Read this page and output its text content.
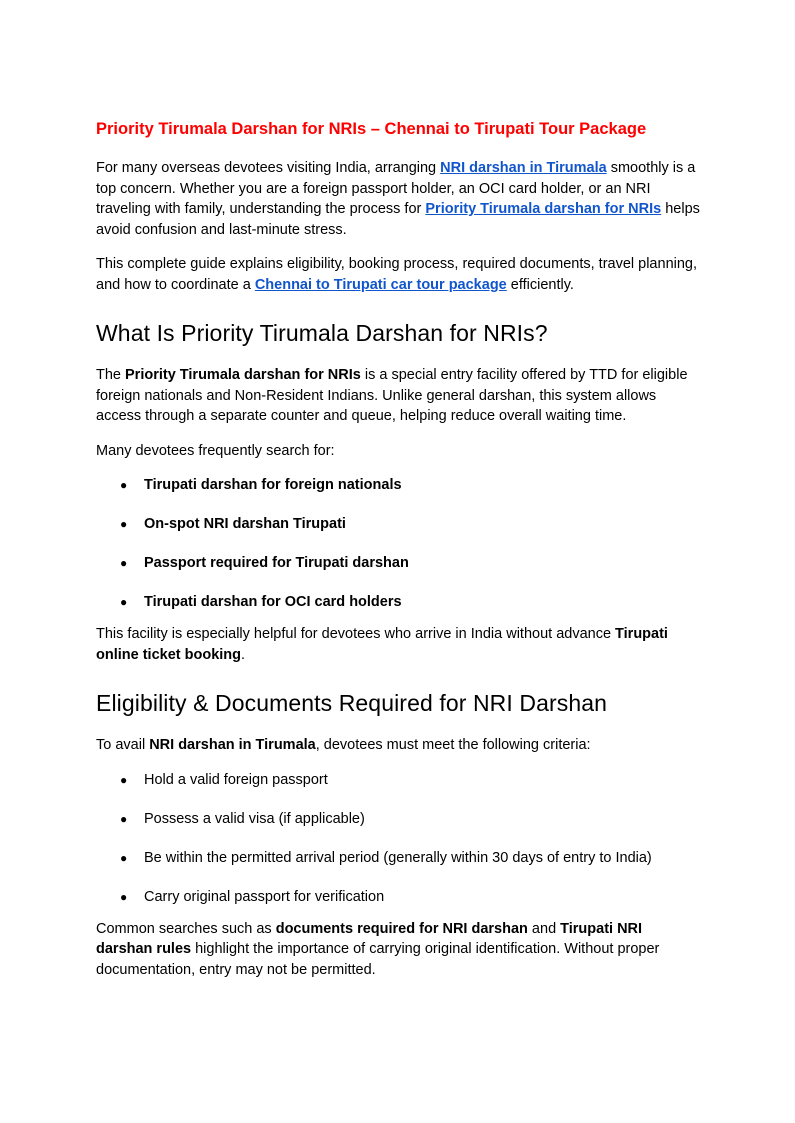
Priority Tirumala Darshan for NRIs – Chennai to Tirupati Tour Package

For many overseas devotees visiting India, arranging NRI darshan in Tirumala smoothly is a top concern. Whether you are a foreign passport holder, an OCI card holder, or an NRI traveling with family, understanding the process for Priority Tirumala darshan for NRIs helps avoid confusion and last-minute stress.

This complete guide explains eligibility, booking process, required documents, travel planning, and how to coordinate a Chennai to Tirupati car tour package efficiently.

What Is Priority Tirumala Darshan for NRIs?

The Priority Tirumala darshan for NRIs is a special entry facility offered by TTD for eligible foreign nationals and Non-Resident Indians. Unlike general darshan, this system allows access through a separate counter and queue, helping reduce overall waiting time.

Many devotees frequently search for:

● Tirupati darshan for foreign nationals
● On-spot NRI darshan Tirupati
● Passport required for Tirupati darshan
● Tirupati darshan for OCI card holders

This facility is especially helpful for devotees who arrive in India without advance Tirupati online ticket booking.

Eligibility & Documents Required for NRI Darshan

To avail NRI darshan in Tirumala, devotees must meet the following criteria:

● Hold a valid foreign passport
● Possess a valid visa (if applicable)
● Be within the permitted arrival period (generally within 30 days of entry to India)
● Carry original passport for verification

Common searches such as documents required for NRI darshan and Tirupati NRI darshan rules highlight the importance of carrying original identification. Without proper documentation, entry may not be permitted.
